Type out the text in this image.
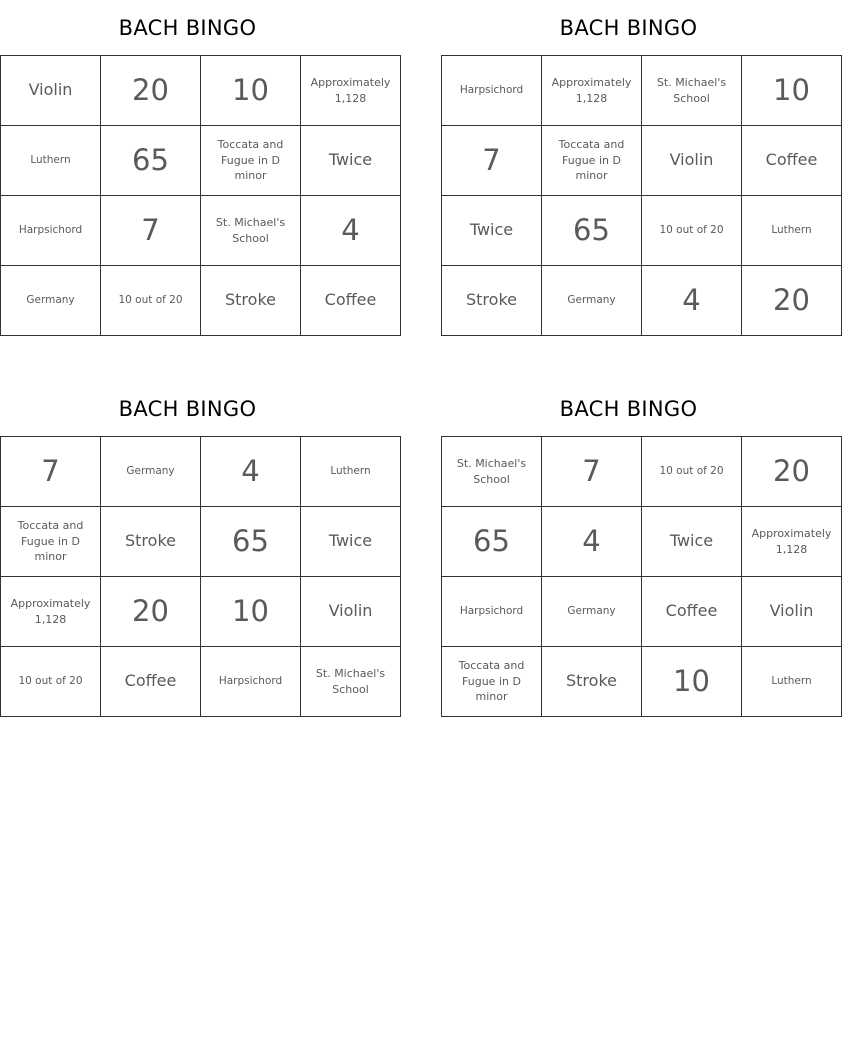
BACH BINGO
Violin	20	10	Approximately 1,128
Luthern	65	Toccata and Fugue in D minor	Twice
Harpsichord	7	St. Michael's School	4
Germany	10 out of 20	Stroke	Coffee
BACH BINGO
Harpsichord	Approximately 1,128	St. Michael's School	10
7	Toccata and Fugue in D minor	Violin	Coffee
Twice	65	10 out of 20	Luthern
Stroke	Germany	4	20
BACH BINGO
7	Germany	4	Luthern
Toccata and Fugue in D minor	Stroke	65	Twice
Approximately 1,128	20	10	Violin
10 out of 20	Coffee	Harpsichord	St. Michael's School
BACH BINGO
St. Michael's School	7	10 out of 20	20
65	4	Twice	Approximately 1,128
Harpsichord	Germany	Coffee	Violin
Toccata and Fugue in D minor	Stroke	10	Luthern
